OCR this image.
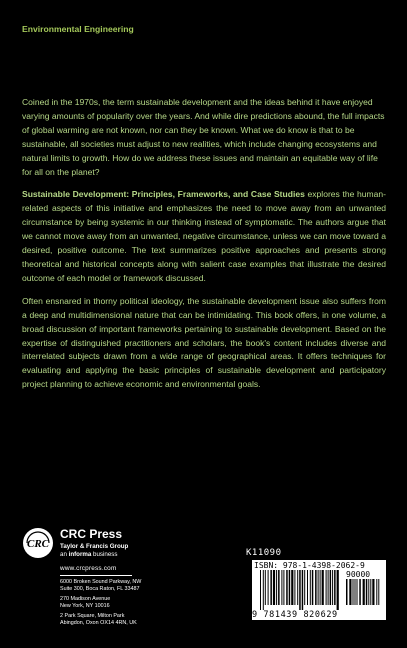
Environmental Engineering

Coined in the 1970s, the term sustainable development and the ideas behind it have enjoyed varying amounts of popularity over the years. And while dire predictions abound, the full impacts of global warming are not known, nor can they be known. What we do know is that to be sustainable, all societies must adjust to new realities, which include changing ecosystems and natural limits to growth. How do we address these issues and maintain an equitable way of life for all on the planet?

Sustainable Development: Principles, Frameworks, and Case Studies explores the human-related aspects of this initiative and emphasizes the need to move away from an unwanted circumstance by being systemic in our thinking instead of symptomatic. The authors argue that we cannot move away from an unwanted, negative circumstance, unless we can move toward a desired, positive outcome. The text summarizes positive approaches and presents strong theoretical and historical concepts along with salient case examples that illustrate the desired outcome of each model or framework discussed.

Often ensnared in thorny political ideology, the sustainable development issue also suffers from a deep and multidimensional nature that can be intimidating. This book offers, in one volume, a broad discussion of important frameworks pertaining to sustainable development. Based on the expertise of distinguished practitioners and scholars, the book's content includes diverse and interrelated subjects drawn from a wide range of geographical areas. It offers techniques for evaluating and applying the basic principles of sustainable development and participatory project planning to achieve economic and environmental goals.

CRC
CRC Press
Taylor & Francis Group
an informa business
www.crcpress.com
6000 Broken Sound Parkway, NW
Suite 300, Boca Raton, FL 33487
270 Madison Avenue
New York, NY 10016
2 Park Square, Milton Park
Abingdon, Oxon OX14 4RN, UK
K11090
ISBN: 978-1-4398-2062-9
90000
9 781439 820629
